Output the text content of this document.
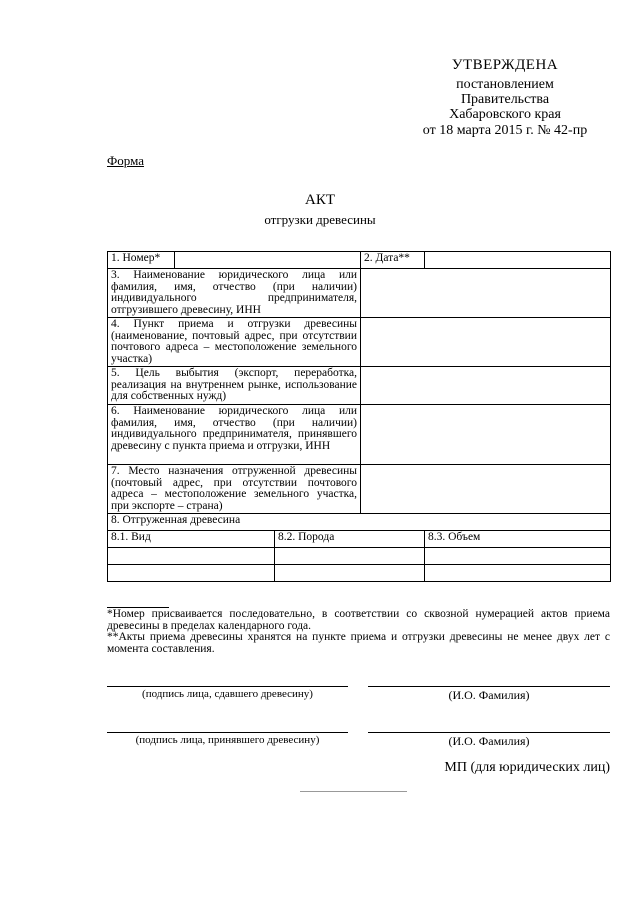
УТВЕРЖДЕНА
постановлением
Правительства
Хабаровского края
от 18 марта 2015 г. № 42-пр
Форма
АКТ
отгрузки древесины
1. Номер*			2. Дата**	
3. Наименование юридического лица или фамилия, имя, отчество (при наличии) индивидуального предпринимателя, отгрузившего древесину, ИНН				
4. Пункт приема и отгрузки древесины (наименование, почтовый адрес, при отсутствии почтового адреса – местоположение земельного участка)				
5. Цель выбытия (экспорт, переработка, реализация на внутреннем рынке, использование для собственных нужд)				
6. Наименование юридического лица или фамилия, имя, отчество (при наличии) индивидуального предпринимателя, принявшего древесину с пункта приема и отгрузки, ИНН				
7. Место назначения отгруженной древесины (почтовый адрес, при отсутствии почтового адреса – местоположение земельного участка, при экспорте – страна)				
8. Отгруженная древесина				
8.1. Вид		8.2. Порода		8.3. Объем

*Номер присваивается последовательно, в соответствии со сквозной нумерацией актов приема древесины в пределах календарного года.
**Акты приема древесины хранятся на пункте приема и отгрузки древесины не менее двух лет с момента составления.
(подпись лица, сдавшего древесину)	(И.О. Фамилия)
(подпись лица, принявшего древесину)	(И.О. Фамилия)
МП (для юридических лиц)
